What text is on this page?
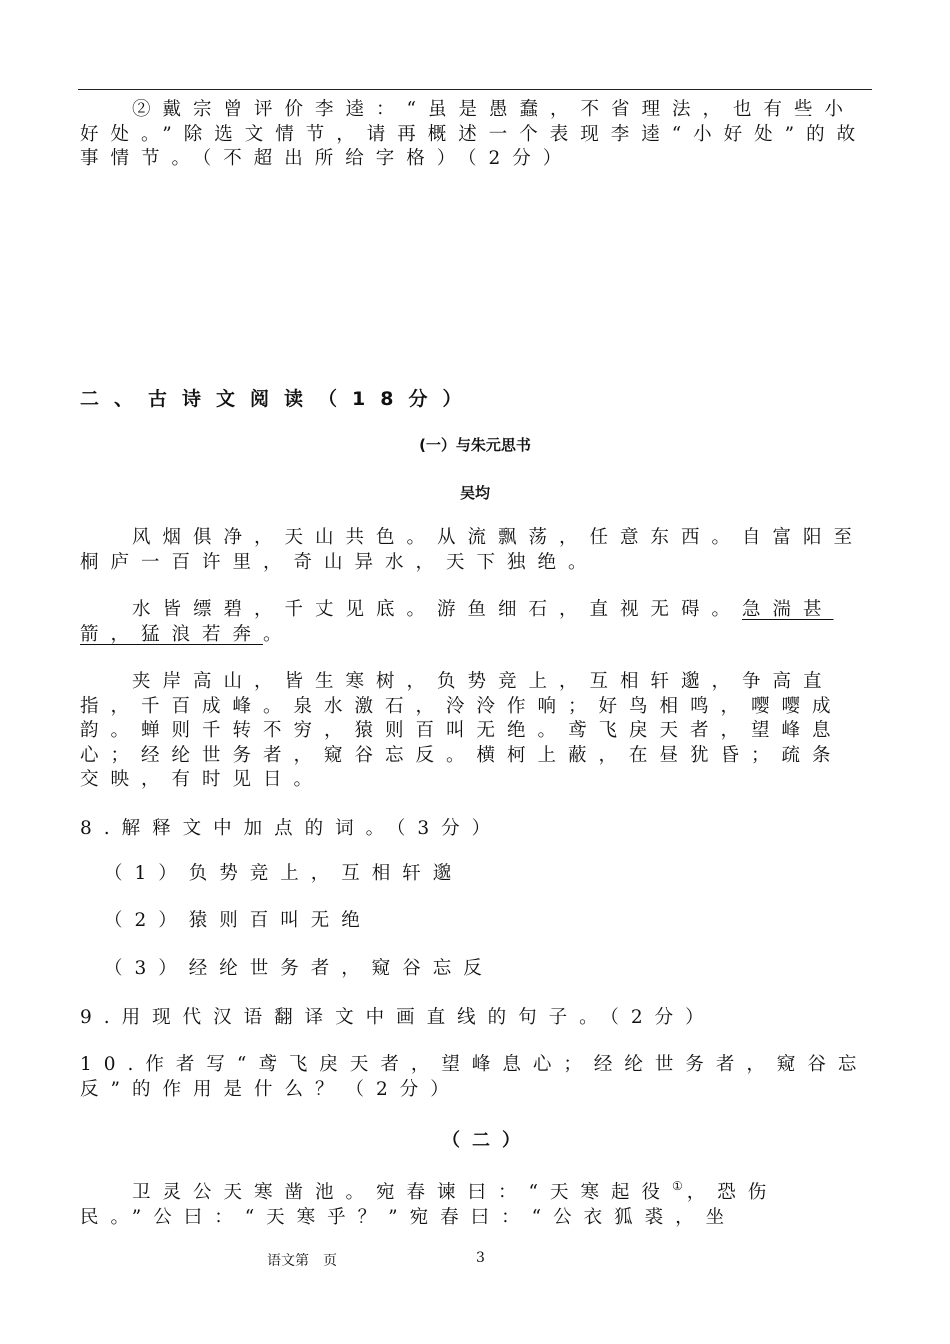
②戴宗曾评价李逵：“虽是愚蠢，不省理法，也有些小好处。”除选文情节，请再概述一个表现李逵“小好处”的故事情节。（不超出所给字格）（2分）

二、古诗文阅读（18分）
(一）与朱元思书
吴均

风烟俱净，天山共色。从流飘荡，任意东西。自富阳至桐庐一百许里，奇山异水，天下独绝。

水皆缥碧，千丈见底。游鱼细石，直视无碍。急湍甚箭，猛浪若奔。

夹岸高山，皆生寒树，负势竞上，互相轩邈，争高直指，千百成峰。泉水激石，泠泠作响；好鸟相鸣，嘤嘤成韵。蝉则千转不穷，猿则百叫无绝。鸢飞戾天者，望峰息心；经纶世务者，窥谷忘反。横柯上蔽，在昼犹昏；疏条交映，有时见日。

8.解释文中加点的词。（3分）

（1）负势竞上，互相轩邈

（2）猿则百叫无绝

（3）经纶世务者，窥谷忘反

9.用现代汉语翻译文中画直线的句子。（2分）

10.作者写“鸢飞戾天者，望峰息心；经纶世务者，窥谷忘反”的作用是什么？（2分）

（二）

卫灵公天寒凿池。宛春谏曰：“天寒起役①，恐伤民。”公曰：“天寒乎？”宛春曰：“公衣狐裘，坐

语文第　页	3
